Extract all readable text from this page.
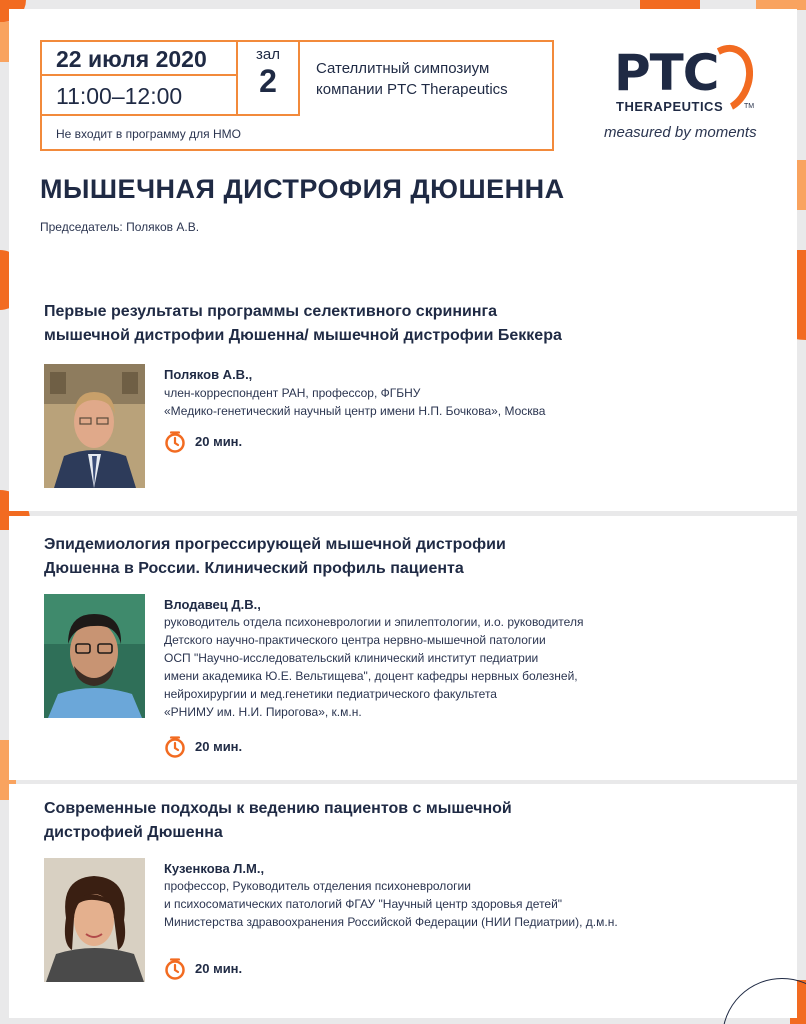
22 июля 2020
11:00–12:00
зал
2
Не входит в программу для НМО
Сателлитный симпозиум
компании PTC Therapeutics	PTC
THERAPEUTICS	TM
measured by moments
МЫШЕЧНАЯ ДИСТРОФИЯ ДЮШЕННА
Председатель: Поляков А.В.
Первые результаты программы селективного скрининга
мышечной дистрофии Дюшенна/ мышечной дистрофии Беккера
Поляков А.В.,
член-корреспондент РАН, профессор, ФГБНУ
«Медико-генетический научный центр имени Н.П. Бочкова», Москва
20 мин.
Эпидемиология прогрессирующей мышечной дистрофии
Дюшенна в России. Клинический профиль пациента
Влодавец Д.В.,
руководитель отдела психоневрологии и эпилептологии, и.о. руководителя
Детского научно-практического центра нервно-мышечной патологии
ОСП "Научно-исследовательский клинический институт педиатрии
имени академика Ю.Е. Вельтищева", доцент кафедры нервных болезней,
нейрохирургии и мед.генетики педиатрического факультета
«РНИМУ им. Н.И. Пирогова», к.м.н.
20 мин.
Современные подходы к ведению пациентов с мышечной
дистрофией Дюшенна
Кузенкова Л.М.,
профессор, Руководитель отделения психоневрологии
и психосоматических патологий ФГАУ "Научный центр здоровья детей"
Министерства здравоохранения Российской Федерации (НИИ Педиатрии), д.м.н.
20 мин.
